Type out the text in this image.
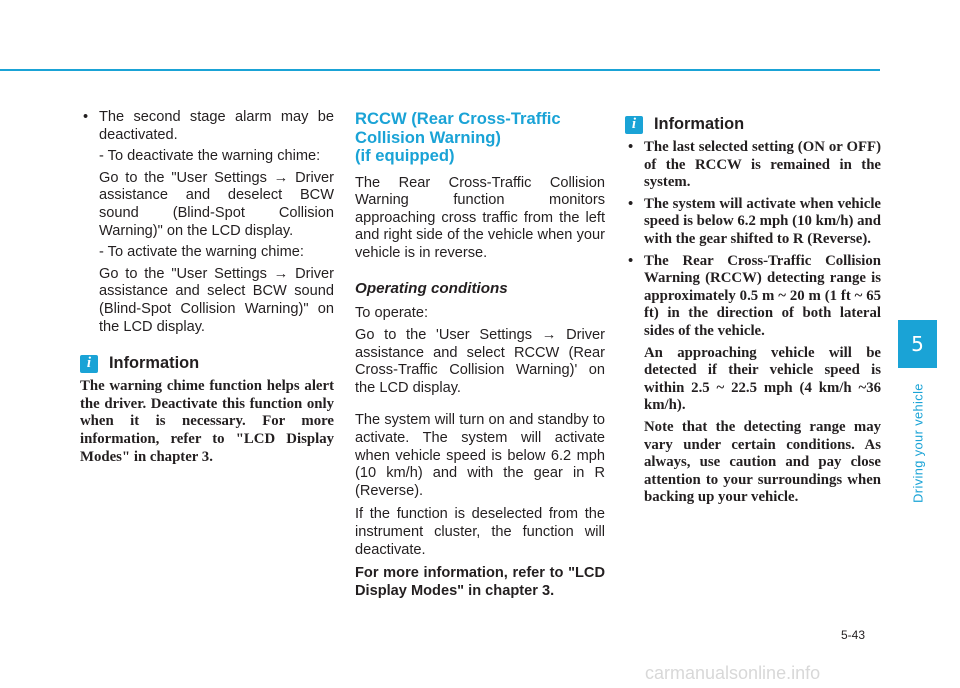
• The second stage alarm may be deactivated.
- To deactivate the warning chime:
Go to the "User Settings → Driver assistance and deselect BCW sound (Blind-Spot Collision Warning)" on the LCD display.
- To activate the warning chime:
Go to the "User Settings → Driver assistance and select BCW sound (Blind-Spot Collision Warning)" on the LCD display.
i	Information
The warning chime function helps alert the driver. Deactivate this function only when it is necessary. For more information, refer to "LCD Display Modes" in chapter 3.
RCCW (Rear Cross-Traffic
Collision Warning)
(if equipped)
The Rear Cross-Traffic Collision Warning function monitors approaching cross traffic from the left and right side of the vehicle when your vehicle is in reverse.
Operating conditions
To operate:
Go to the 'User Settings → Driver assistance and select RCCW (Rear Cross-Traffic Collision Warning)' on the LCD display.
The system will turn on and standby to activate. The system will activate when vehicle speed is below 6.2 mph (10 km/h) and with the gear in R (Reverse).
If the function is deselected from the instrument cluster, the function will deactivate.
For more information, refer to "LCD Display Modes" in chapter 3.
i	Information
• The last selected setting (ON or OFF) of the RCCW is remained in the system.
• The system will activate when vehicle speed is below 6.2 mph (10 km/h) and with the gear shifted to R (Reverse).
• The Rear Cross-Traffic Collision Warning (RCCW) detecting range is approximately 0.5 m ~ 20 m (1 ft ~ 65 ft) in the direction of both lateral sides of the vehicle.
An approaching vehicle will be detected if their vehicle speed is within 2.5 ~ 22.5 mph (4 km/h ~36 km/h).
Note that the detecting range may vary under certain conditions. As always, use caution and pay close attention to your surroundings when backing up your vehicle.
5
Driving your vehicle
5-43
carmanualsonline.info
